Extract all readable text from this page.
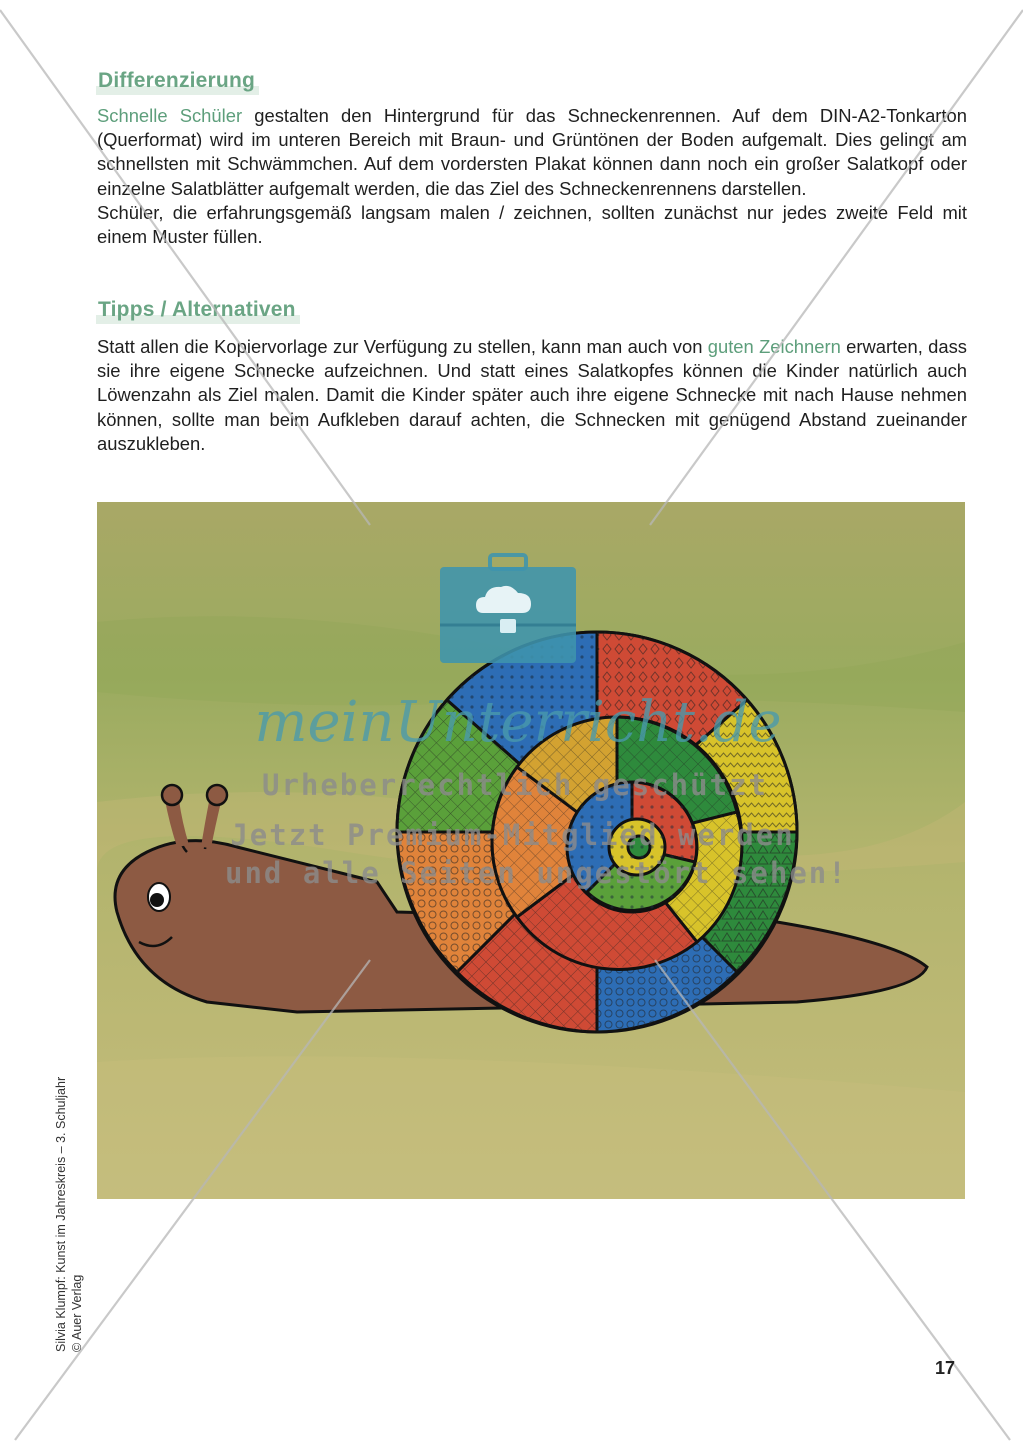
Differenzierung

Schnelle Schüler gestalten den Hintergrund für das Schneckenrennen. Auf dem DIN-A2-Tonkarton (Querformat) wird im unteren Bereich mit Braun- und Grüntönen der Boden aufgemalt. Dies gelingt am schnellsten mit Schwämmchen. Auf dem vordersten Plakat können dann noch ein großer Salatkopf oder einzelne Salatblätter aufgemalt werden, die das Ziel des Schneckenrennens darstellen.
Schüler, die erfahrungsgemäß langsam malen / zeichnen, sollten zunächst nur jedes zweite Feld mit einem Muster füllen.

Tipps / Alternativen

Statt allen die Kopiervorlage zur Verfügung zu stellen, kann man auch von guten Zeichnern erwarten, dass sie ihre eigene Schnecke aufzeichnen. Und statt eines Salatkopfes können die Kinder natürlich auch Löwenzahn als Ziel malen. Damit die Kinder später auch ihre eigene Schnecke mit nach Hause nehmen können, sollte man beim Aufkleben darauf achten, die Schnecken mit genügend Abstand zueinander auszukleben.

meinUnterricht.de
Urheberrechtlich geschützt
Jetzt Premium-Mitglied werden
und alle Seiten ungestört sehen!
Silvia Klumpf: Kunst im Jahreskreis – 3. Schuljahr © Auer Verlag
17
